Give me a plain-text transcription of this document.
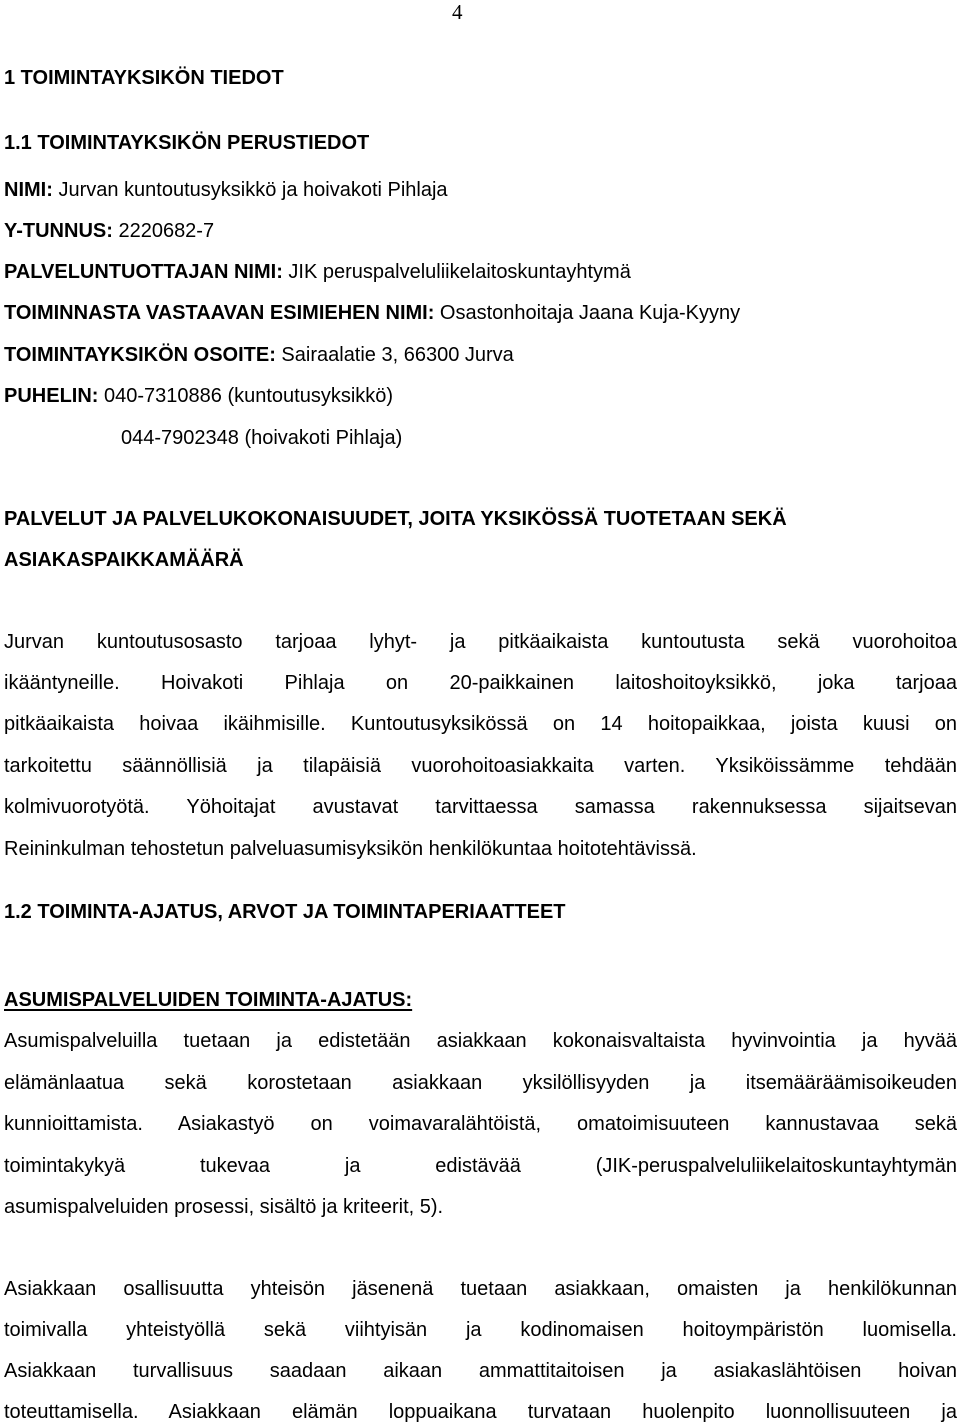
4
1 TOIMINTAYKSIKÖN TIEDOT
1.1 TOIMINTAYKSIKÖN PERUSTIEDOT
NIMI: Jurvan kuntoutusyksikkö ja hoivakoti Pihlaja
Y-TUNNUS: 2220682-7
PALVELUNTUOTTAJAN NIMI: JIK peruspalveluliikelaitoskuntayhtymä
TOIMINNASTA VASTAAVAN ESIMIEHEN NIMI: Osastonhoitaja Jaana Kuja-Kyyny
TOIMINTAYKSIKÖN OSOITE: Sairaalatie 3, 66300 Jurva
PUHELIN: 040-7310886 (kuntoutusyksikkö)
044-7902348 (hoivakoti Pihlaja)
PALVELUT JA PALVELUKOKONAISUUDET, JOITA YKSIKÖSSÄ TUOTETAAN SEKÄ
ASIAKASPAIKKAMÄÄRÄ
Jurvan kuntoutusosasto tarjoaa lyhyt- ja pitkäaikaista kuntoutusta sekä vuorohoitoa
ikääntyneille. Hoivakoti Pihlaja on 20-paikkainen laitoshoitoyksikkö, joka tarjoaa
pitkäaikaista hoivaa ikäihmisille. Kuntoutusyksikössä on 14 hoitopaikkaa, joista kuusi on
tarkoitettu säännöllisiä ja tilapäisiä vuorohoitoasiakkaita varten. Yksiköissämme tehdään
kolmivuorotyötä. Yöhoitajat avustavat tarvittaessa samassa rakennuksessa sijaitsevan
Reininkulman tehostetun palveluasumisyksikön henkilökuntaa hoitotehtävissä.
1.2 TOIMINTA-AJATUS, ARVOT JA TOIMINTAPERIAATTEET
ASUMISPALVELUIDEN TOIMINTA-AJATUS:
Asumispalveluilla tuetaan ja edistetään asiakkaan kokonaisvaltaista hyvinvointia ja hyvää
elämänlaatua sekä korostetaan asiakkaan yksilöllisyyden ja itsemääräämisoikeuden
kunnioittamista. Asiakastyö on voimavaralähtöistä, omatoimisuuteen kannustavaa sekä
toimintakykyä tukevaa ja edistävää (JIK-peruspalveluliikelaitoskuntayhtymän
asumispalveluiden prosessi, sisältö ja kriteerit, 5).
Asiakkaan osallisuutta yhteisön jäsenenä tuetaan asiakkaan, omaisten ja henkilökunnan
toimivalla yhteistyöllä sekä viihtyisän ja kodinomaisen hoitoympäristön luomisella.
Asiakkaan turvallisuus saadaan aikaan ammattitaitoisen ja asiakaslähtöisen hoivan
toteuttamisella. Asiakkaan elämän loppuaikana turvataan huolenpito luonnollisuuteen ja
